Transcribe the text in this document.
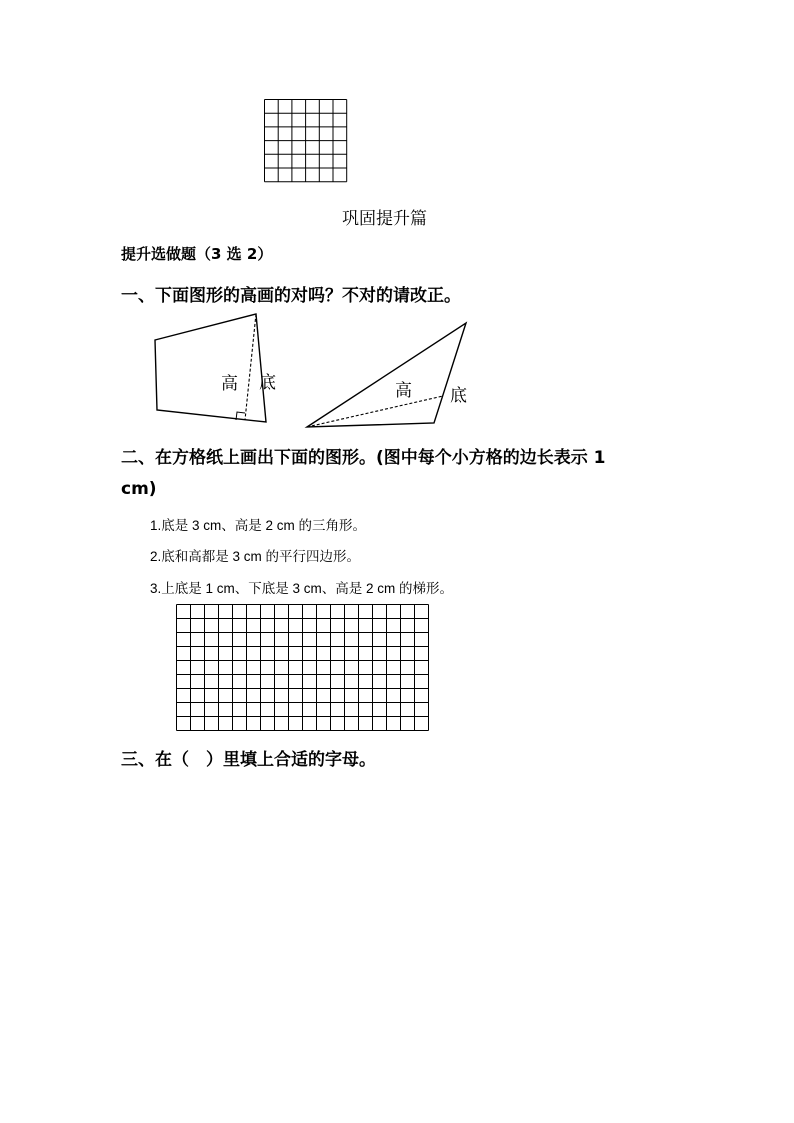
巩固提升篇
提升选做题（3 选 2）
一、下面图形的高画的对吗？不对的请改正。
高 底	高 底
二、在方格纸上画出下面的图形。(图中每个小方格的边长表示 1
cm)
1.底是 3 cm、高是 2 cm 的三角形。
2.底和高都是 3 cm 的平行四边形。
3.上底是 1 cm、下底是 3 cm、高是 2 cm 的梯形。
三、在（　）里填上合适的字母。
